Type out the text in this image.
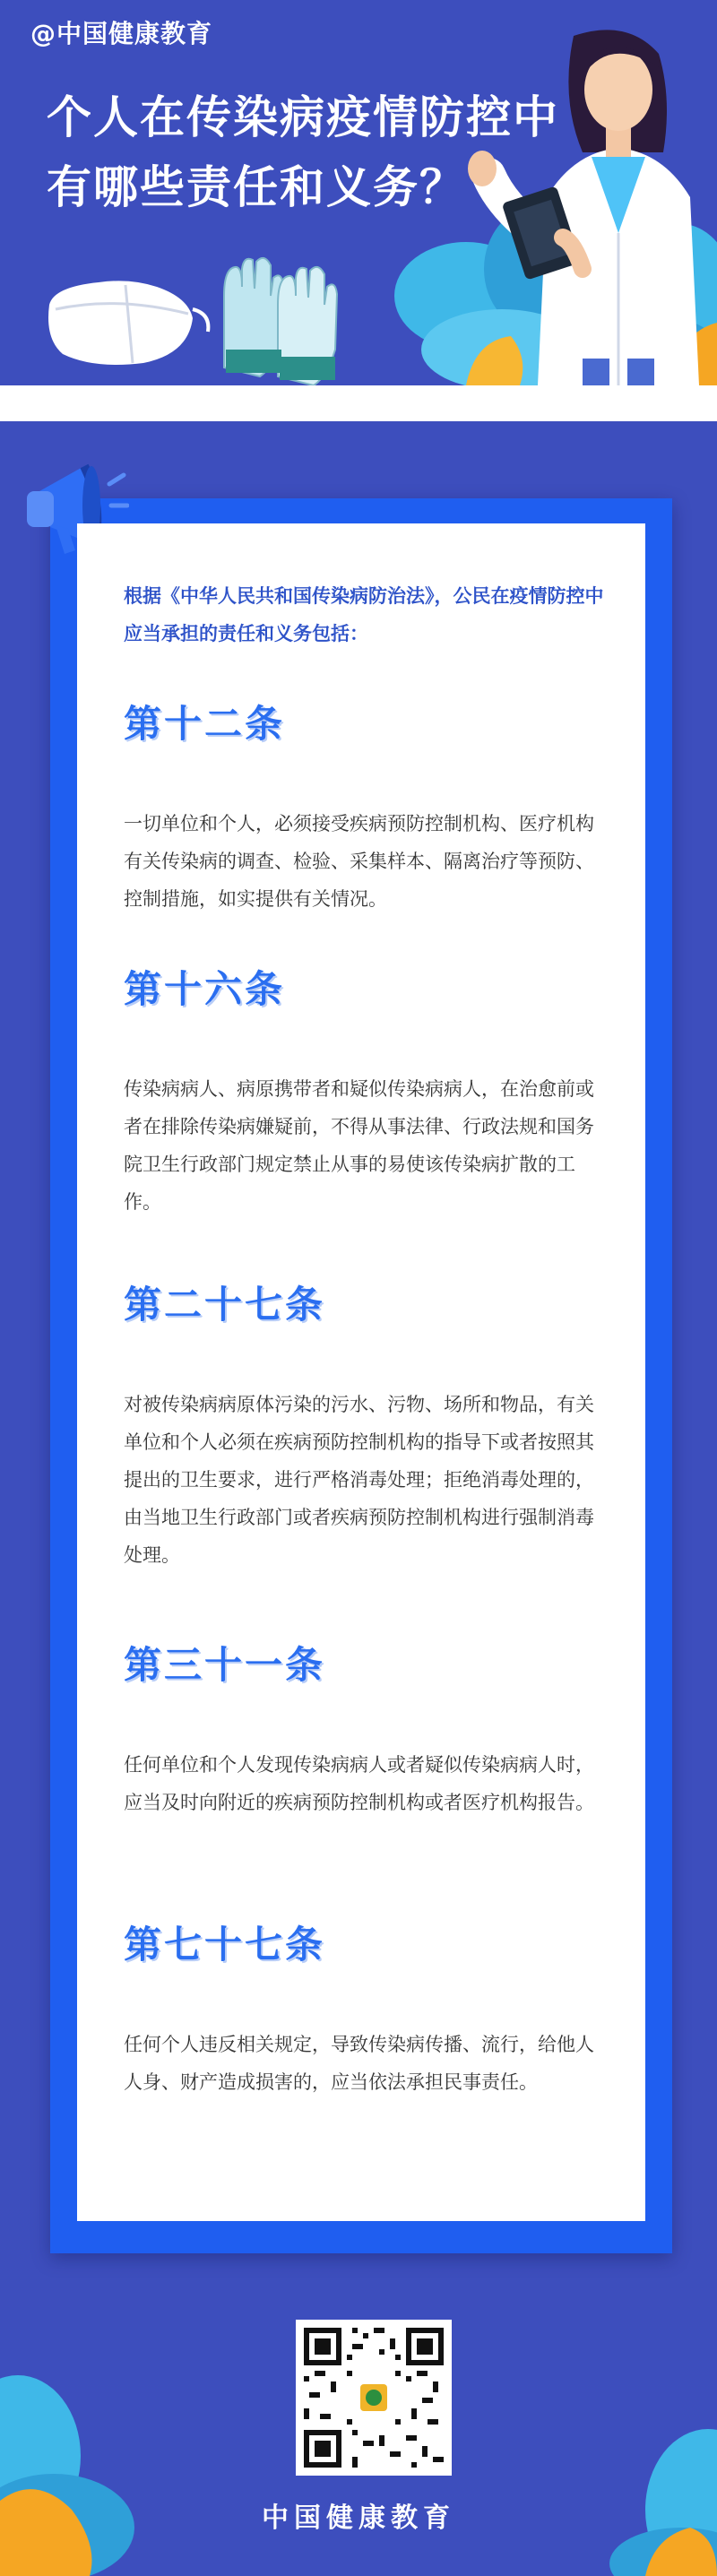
@中国健康教育
个人在传染病疫情防控中
有哪些责任和义务？
根据《中华人民共和国传染病防治法》，公民在疫情防控中应当承担的责任和义务包括：
第十二条
一切单位和个人，必须接受疾病预防控制机构、医疗机构有关传染病的调查、检验、采集样本、隔离治疗等预防、控制措施，如实提供有关情况。
第十六条
传染病病人、病原携带者和疑似传染病病人，在治愈前或者在排除传染病嫌疑前，不得从事法律、行政法规和国务院卫生行政部门规定禁止从事的易使该传染病扩散的工作。
第二十七条
对被传染病病原体污染的污水、污物、场所和物品，有关单位和个人必须在疾病预防控制机构的指导下或者按照其提出的卫生要求，进行严格消毒处理；拒绝消毒处理的，由当地卫生行政部门或者疾病预防控制机构进行强制消毒处理。
第三十一条
任何单位和个人发现传染病病人或者疑似传染病病人时，应当及时向附近的疾病预防控制机构或者医疗机构报告。
第七十七条
任何个人违反相关规定，导致传染病传播、流行，给他人人身、财产造成损害的，应当依法承担民事责任。
中国健康教育
